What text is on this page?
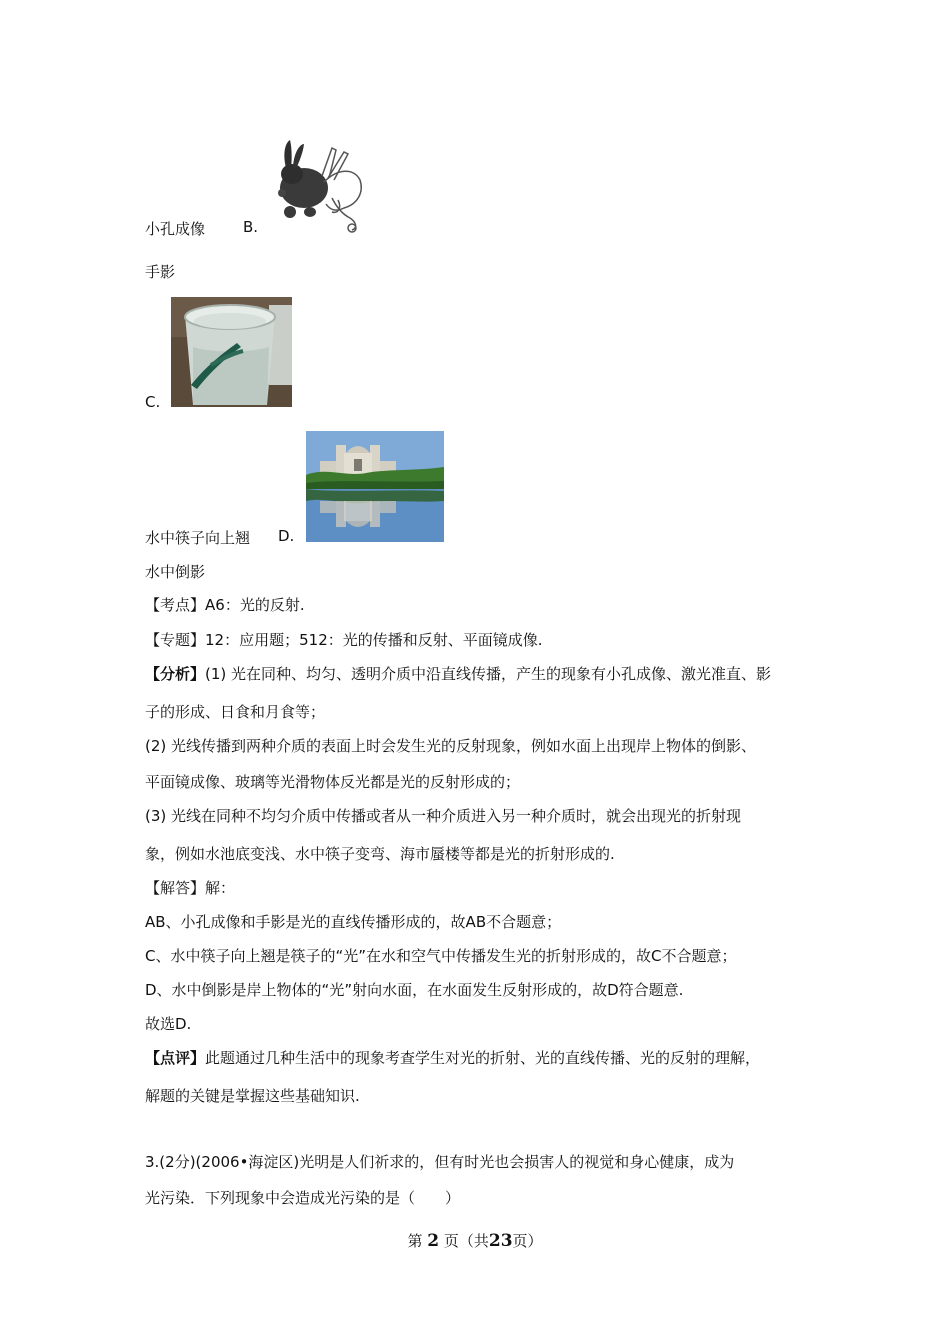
小孔成像	B.
手影
C.
水中筷子向上翘 D.
水中倒影
【考点】A6：光的反射.
【专题】12：应用题；512：光的传播和反射、平面镜成像.
【分析】(1) 光在同种、均匀、透明介质中沿直线传播，产生的现象有小孔成像、激光准直、影
子的形成、日食和月食等；
(2) 光线传播到两种介质的表面上时会发生光的反射现象，例如水面上出现岸上物体的倒影、
平面镜成像、玻璃等光滑物体反光都是光的反射形成的；
(3) 光线在同种不均匀介质中传播或者从一种介质进入另一种介质时，就会出现光的折射现
象，例如水池底变浅、水中筷子变弯、海市蜃楼等都是光的折射形成的.
【解答】解：
AB、小孔成像和手影是光的直线传播形成的，故AB不合题意；
C、水中筷子向上翘是筷子的“光”在水和空气中传播发生光的折射形成的，故C不合题意；
D、水中倒影是岸上物体的“光”射向水面，在水面发生反射形成的，故D符合题意.
故选D.
【点评】此题通过几种生活中的现象考查学生对光的折射、光的直线传播、光的反射的理解，
解题的关键是掌握这些基础知识.
3.(2分)(2006•海淀区)光明是人们祈求的，但有时光也会损害人的视觉和身心健康，成为
光污染．下列现象中会造成光污染的是（　　）
第 2 页（共23页）
